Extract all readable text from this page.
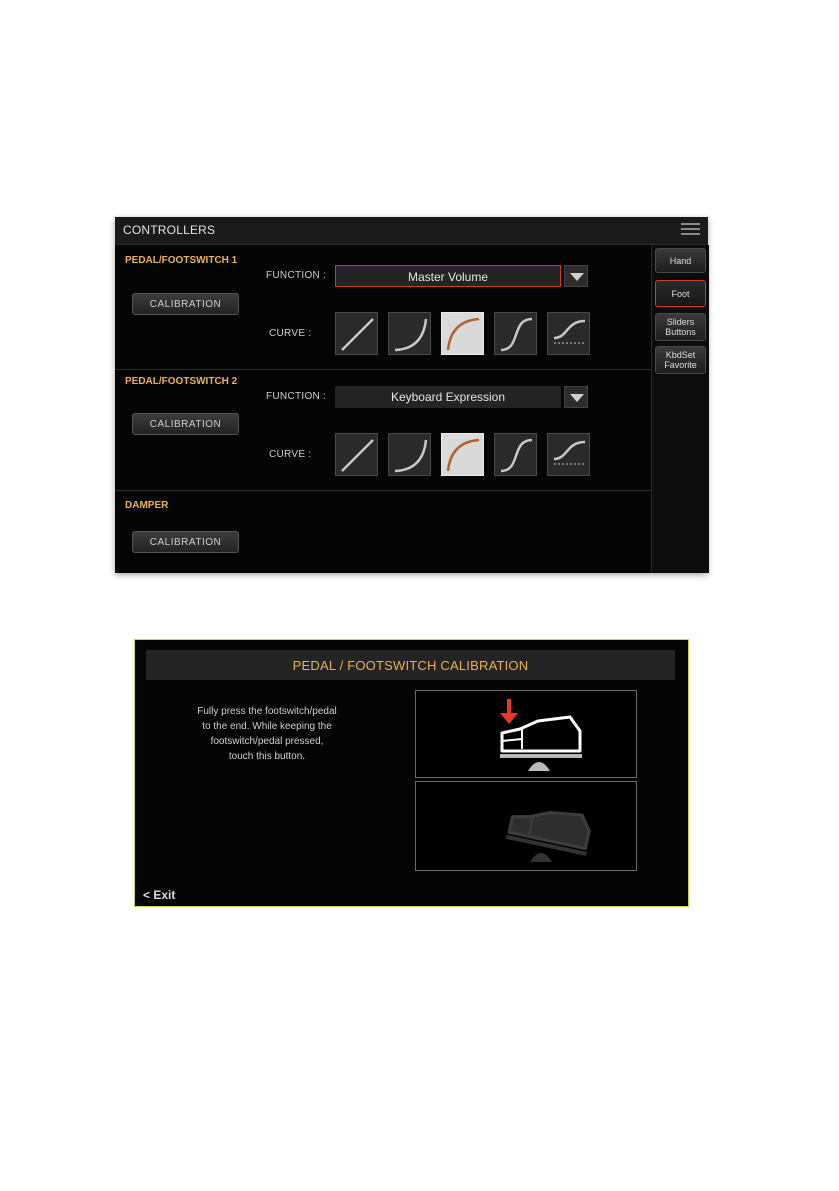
CONTROLLERS
PEDAL/FOOTSWITCH 1
CALIBRATION
FUNCTION :	Master Volume
CURVE :
PEDAL/FOOTSWITCH 2
CALIBRATION
FUNCTION :	Keyboard Expression
CURVE :
DAMPER
CALIBRATION
Hand
Foot
Sliders Buttons
KbdSet Favorite
PEDAL / FOOTSWITCH CALIBRATION
Fully press the footswitch/pedal
to the end. While keeping the
footswitch/pedal pressed,
touch this button.
< Exit
